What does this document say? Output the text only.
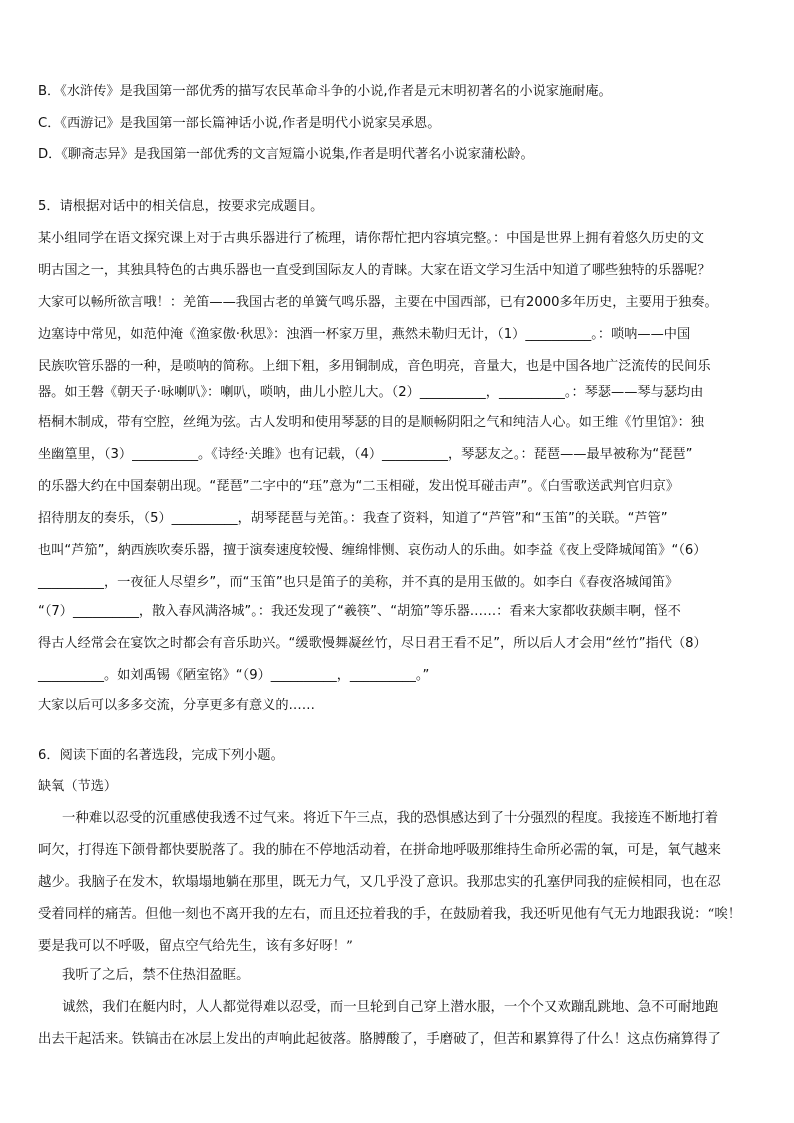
B．《水浒传》是我国第一部优秀的描写农民革命斗争的小说,作者是元末明初著名的小说家施耐庵。
C．《西游记》是我国第一部长篇神话小说,作者是明代小说家吴承恩。
D．《聊斋志异》是我国第一部优秀的文言短篇小说集,作者是明代著名小说家蒲松龄。
5．请根据对话中的相关信息，按要求完成题目。
某小组同学在语文探究课上对于古典乐器进行了梳理，请你帮忙把内容填完整。：中国是世界上拥有着悠久历史的文
明古国之一，其独具特色的古典乐器也一直受到国际友人的青睐。大家在语文学习生活中知道了哪些独特的乐器呢？
大家可以畅所欲言哦！：羌笛——我国古老的单簧气鸣乐器，主要在中国西部，已有2000多年历史，主要用于独奏。
边塞诗中常见，如范仲淹《渔家傲·秋思》：浊酒一杯家万里，燕然未勒归无计，（1）__________。：唢呐——中国
民族吹管乐器的一种，是唢呐的简称。上细下粗，多用铜制成，音色明亮，音量大，也是中国各地广泛流传的民间乐
器。如王磐《朝天子·咏喇叭》：喇叭，唢呐，曲儿小腔儿大。（2）__________，__________。：琴瑟——琴与瑟均由
梧桐木制成，带有空腔，丝绳为弦。古人发明和使用琴瑟的目的是顺畅阴阳之气和纯洁人心。如王维《竹里馆》：独
坐幽篁里，（3）__________。《诗经·关雎》也有记载，（4）__________，琴瑟友之。：琵琶——最早被称为“琵琶”
的乐器大约在中国秦朝出现。“琵琶”二字中的“珏”意为“二玉相碰，发出悦耳碰击声”。《白雪歌送武判官归京》
招待朋友的奏乐，（5）__________，胡琴琵琶与羌笛。：我查了资料，知道了“芦管”和“玉笛”的关联。“芦管”
也叫“芦笳”，納西族吹奏乐器，擅于演奏速度较慢、缠绵悱恻、哀伤动人的乐曲。如李益《夜上受降城闻笛》“（6）
__________，一夜征人尽望乡”，而“玉笛”也只是笛子的美称，并不真的是用玉做的。如李白《春夜洛城闻笛》
“（7）__________，散入春风满洛城”。：我还发现了“羲筷”、“胡笳”等乐器……：看来大家都收获颇丰啊，怪不
得古人经常会在宴饮之时都会有音乐助兴。“缓歌慢舞凝丝竹，尽日君王看不足”，所以后人才会用“丝竹”指代（8）
__________。如刘禹锡《陋室铭》“（9）__________，__________。”
大家以后可以多多交流，分享更多有意义的……
6．阅读下面的名著选段，完成下列小题。
缺氧（节选）
一种难以忍受的沉重感使我透不过气来。将近下午三点，我的恐惧感达到了十分强烈的程度。我接连不断地打着
呵欠，打得连下颌骨都快要脱落了。我的肺在不停地活动着，在拼命地呼吸那维持生命所必需的氧，可是，氧气越来
越少。我脑子在发木，软塌塌地躺在那里，既无力气，又几乎没了意识。我那忠实的孔塞伊同我的症候相同，也在忍
受着同样的痛苦。但他一刻也不离开我的左右，而且还拉着我的手，在鼓励着我，我还听见他有气无力地跟我说：“唉！
要是我可以不呼吸，留点空气给先生，该有多好呀！”
我听了之后，禁不住热泪盈眶。
诚然，我们在艇内时，人人都觉得难以忍受，而一旦轮到自己穿上潜水服，一个个又欢蹦乱跳地、急不可耐地跑
出去干起活来。铁镐击在冰层上发出的声响此起彼落。胳膊酸了，手磨破了，但苦和累算得了什么！这点伤痛算得了
